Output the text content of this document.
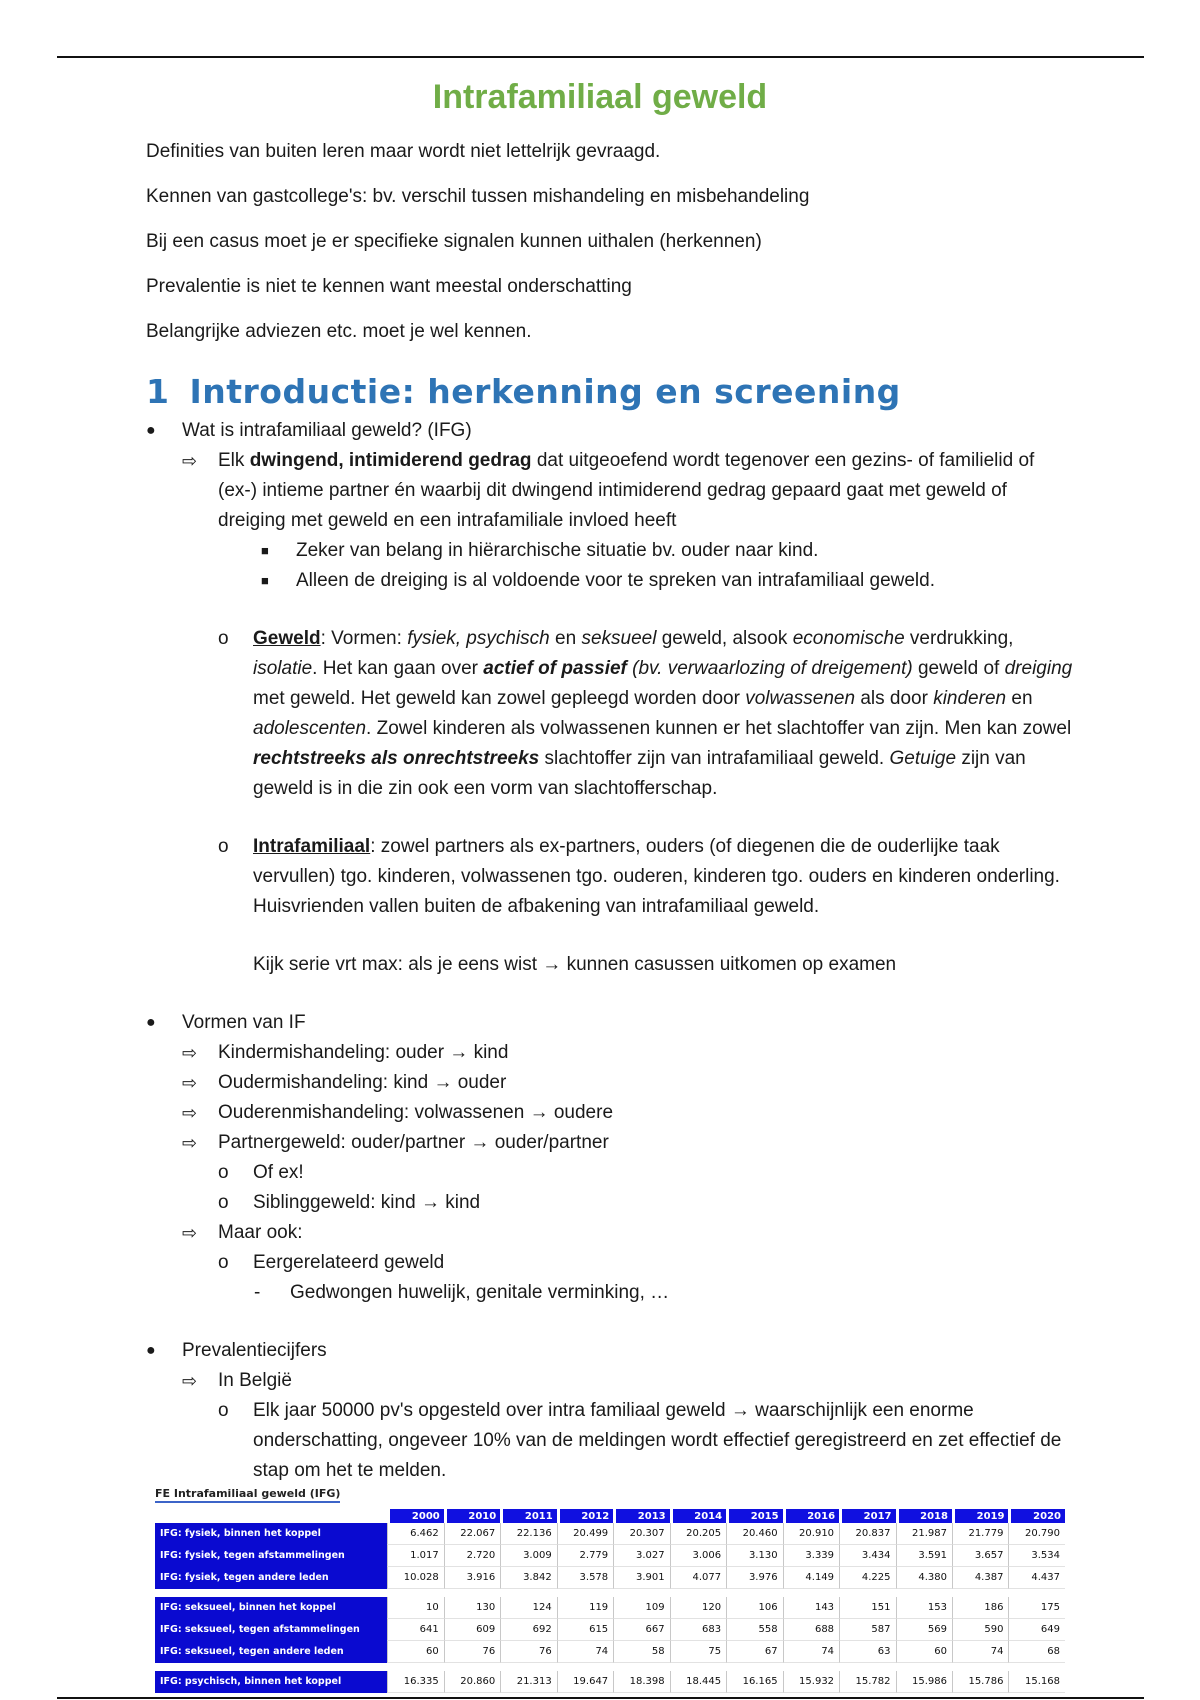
Intrafamiliaal geweld

Definities van buiten leren maar wordt niet lettelrijk gevraagd.

Kennen van gastcollege's: bv. verschil tussen mishandeling en misbehandeling

Bij een casus moet je er specifieke signalen kunnen uithalen (herkennen)

Prevalentie is niet te kennen want meestal onderschatting

Belangrijke adviezen etc. moet je wel kennen.

1 Introductie: herkenning en screening
●	Wat is intrafamiliaal geweld? (IFG)
⇨ Elk dwingend, intimiderend gedrag dat uitgeoefend wordt tegenover een gezins- of familielid of (ex-) intieme partner én waarbij dit dwingend intimiderend gedrag gepaard gaat met geweld of dreiging met geweld en een intrafamiliale invloed heeft
■ Zeker van belang in hiërarchische situatie bv. ouder naar kind.
■ Alleen de dreiging is al voldoende voor te spreken van intrafamiliaal geweld.
o Geweld: Vormen: fysiek, psychisch en seksueel geweld, alsook economische verdrukking, isolatie. Het kan gaan over actief of passief (bv. verwaarlozing of dreigement) geweld of dreiging met geweld. Het geweld kan zowel gepleegd worden door volwassenen als door kinderen en adolescenten. Zowel kinderen als volwassenen kunnen er het slachtoffer van zijn. Men kan zowel rechtstreeks als onrechtstreeks slachtoffer zijn van intrafamiliaal geweld. Getuige zijn van geweld is in die zin ook een vorm van slachtofferschap.
o Intrafamiliaal: zowel partners als ex-partners, ouders (of diegenen die de ouderlijke taak vervullen) tgo. kinderen, volwassenen tgo. ouderen, kinderen tgo. ouders en kinderen onderling. Huisvrienden vallen buiten de afbakening van intrafamiliaal geweld.
Kijk serie vrt max: als je eens wist → kunnen casussen uitkomen op examen
●	Vormen van IF
⇨ Kindermishandeling: ouder → kind
⇨ Oudermishandeling: kind → ouder
⇨ Ouderenmishandeling: volwassenen → oudere
⇨ Partnergeweld: ouder/partner → ouder/partner
o Of ex!
o Siblinggeweld: kind → kind
⇨ Maar ook:
o Eergerelateerd geweld
- Gedwongen huwelijk, genitale verminking, …
●	Prevalentiecijfers
⇨ In België
o Elk jaar 50000 pv's opgesteld over intra familiaal geweld → waarschijnlijk een enorme onderschatting, ongeveer 10% van de meldingen wordt effectief geregistreerd en zet effectief de stap om het te melden.
FE Intrafamiliaal geweld (IFG)
	2000	2010	2011	2012	2013	2014	2015	2016	2017	2018	2019	2020
IFG: fysiek, binnen het koppel	6.462	22.067	22.136	20.499	20.307	20.205	20.460	20.910	20.837	21.987	21.779	20.790
IFG: fysiek, tegen afstammelingen	1.017	2.720	3.009	2.779	3.027	3.006	3.130	3.339	3.434	3.591	3.657	3.534
IFG: fysiek, tegen andere leden	10.028	3.916	3.842	3.578	3.901	4.077	3.976	4.149	4.225	4.380	4.387	4.437

IFG: seksueel, binnen het koppel	10	130	124	119	109	120	106	143	151	153	186	175
IFG: seksueel, tegen afstammelingen	641	609	692	615	667	683	558	688	587	569	590	649
IFG: seksueel, tegen andere leden	60	76	76	74	58	75	67	74	63	60	74	68

IFG: psychisch, binnen het koppel	16.335	20.860	21.313	19.647	18.398	18.445	16.165	15.932	15.782	15.986	15.786	15.168
